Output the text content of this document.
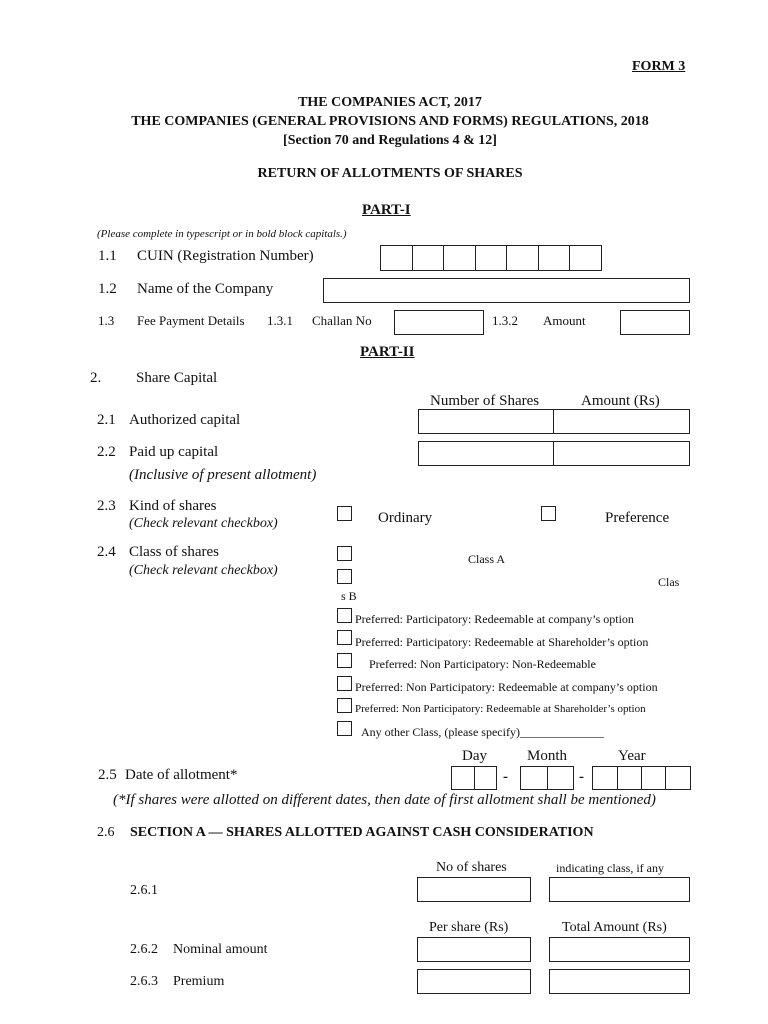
FORM 3
THE COMPANIES ACT, 2017
THE COMPANIES (GENERAL PROVISIONS AND FORMS) REGULATIONS, 2018
[Section 70 and Regulations 4 & 12]
RETURN OF ALLOTMENTS OF SHARES
PART-I
(Please complete in typescript or in bold block capitals.)
1.1 CUIN (Registration Number)
1.2 Name of the Company
1.3 Fee Payment Details 1.3.1 Challan No	1.3.2 Amount
PART-II
2. Share Capital
Number of Shares	Amount (Rs)
2.1 Authorized capital
2.2 Paid up capital
(Inclusive of present allotment)
2.3 Kind of shares
(Check relevant checkbox)	Ordinary	Preference
2.4 Class of shares
(Check relevant checkbox)
Class A
Clas
s B
Preferred: Participatory: Redeemable at company’s option
Preferred: Participatory: Redeemable at Shareholder’s option
Preferred: Non Participatory: Non-Redeemable
Preferred: Non Participatory: Redeemable at company’s option
Preferred: Non Participatory: Redeemable at Shareholder’s option
Any other Class, (please specify)______________
Day	Month	Year
2.5 Date of allotment*	-	-
(*If shares were allotted on different dates, then date of first allotment shall be mentioned)
2.6 SECTION A — SHARES ALLOTTED AGAINST CASH CONSIDERATION
No of shares	indicating class, if any
2.6.1
Per share (Rs)	Total Amount (Rs)
2.6.2 Nominal amount
2.6.3 Premium
